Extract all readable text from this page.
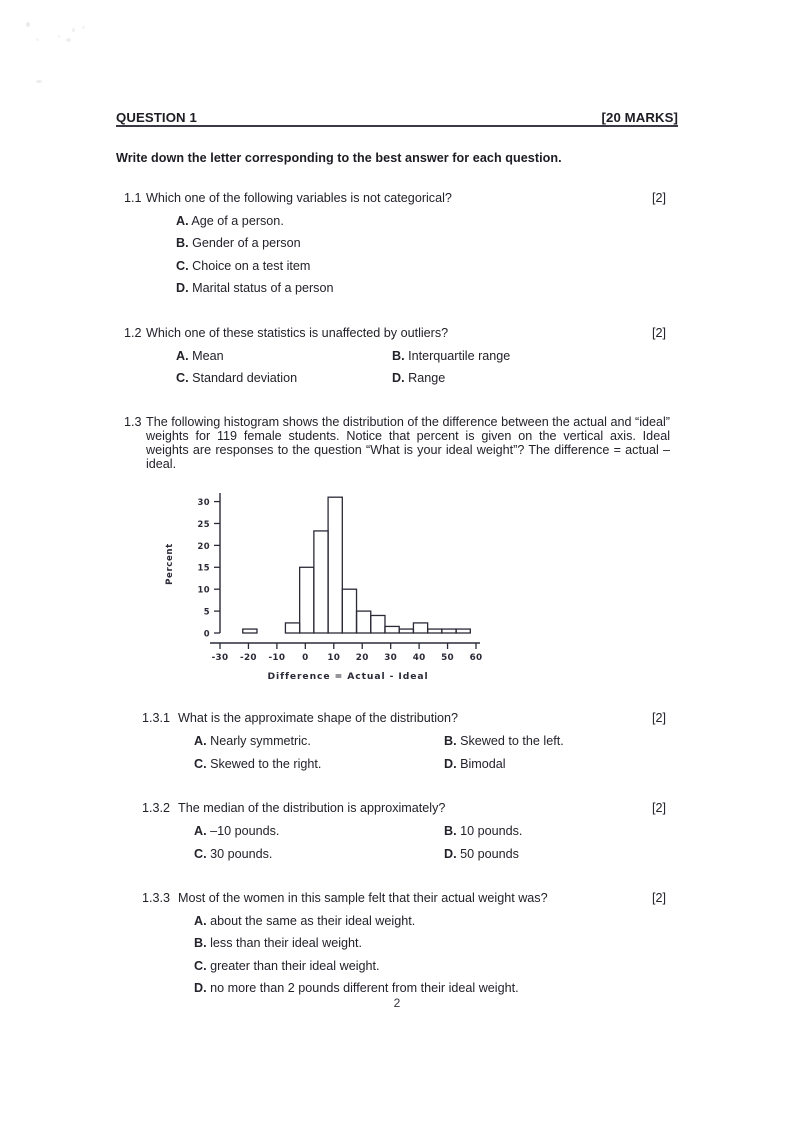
QUESTION 1	[20 MARKS]
Write down the letter corresponding to the best answer for each question.
1.1 Which one of the following variables is not categorical?	[2]
A. Age of a person.
B. Gender of a person
C. Choice on a test item
D. Marital status of a person
1.2 Which one of these statistics is unaffected by outliers?	[2]
A. Mean	B. Interquartile range
C. Standard deviation	D. Range
1.3 The following histogram shows the distribution of the difference between the actual and “ideal” weights for 119 female students. Notice that percent is given on the vertical axis. Ideal weights are responses to the question “What is your ideal weight”? The difference = actual –ideal.
0
5
10
15
20
25
30
Percent
-30 -20 -10 0 10 20 30 40 50 60
Difference = Actual - Ideal
1.3.1 What is the approximate shape of the distribution?	[2]
A. Nearly symmetric.	B. Skewed to the left.
C. Skewed to the right.	D. Bimodal
1.3.2 The median of the distribution is approximately?	[2]
A. –10 pounds.	B. 10 pounds.
C. 30 pounds.	D. 50 pounds
1.3.3 Most of the women in this sample felt that their actual weight was?	[2]
A. about the same as their ideal weight.
B. less than their ideal weight.
C. greater than their ideal weight.
D. no more than 2 pounds different from their ideal weight.
2
